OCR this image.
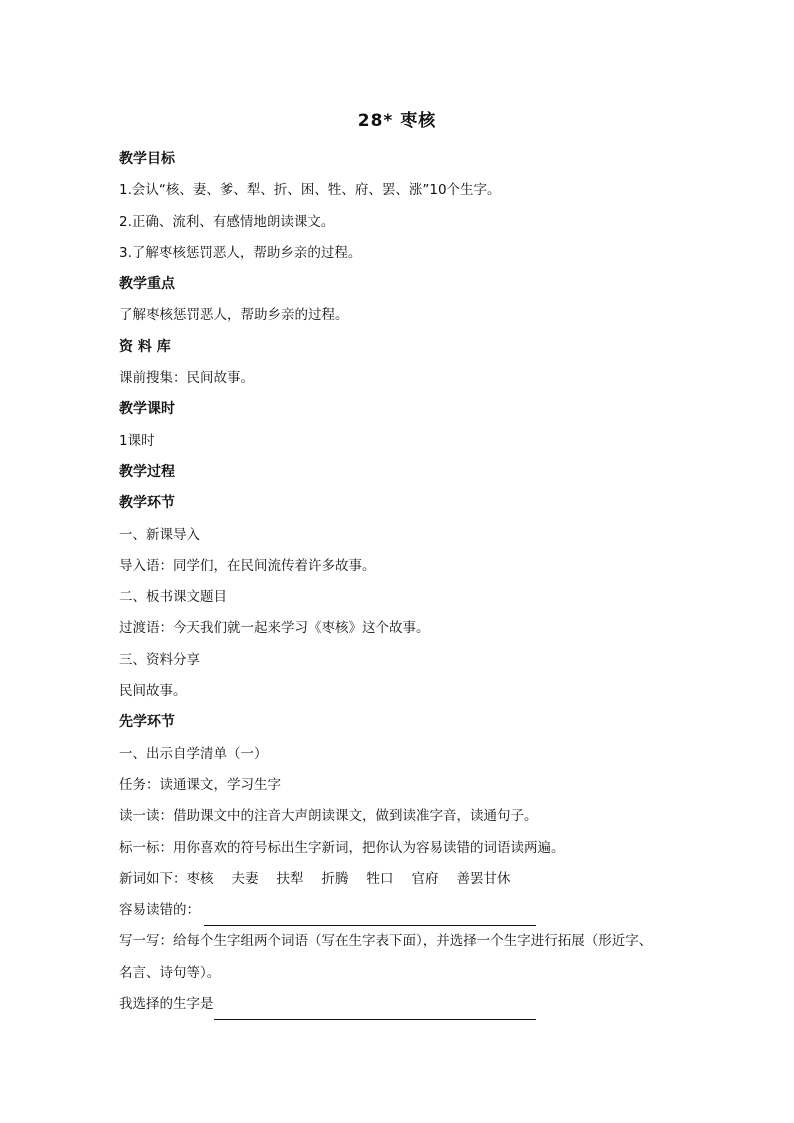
28* 枣核
教学目标
1.会认“核、妻、爹、犁、折、困、牲、府、罢、涨”10个生字。
2.正确、流利、有感情地朗读课文。
3.了解枣核惩罚恶人，帮助乡亲的过程。
教学重点
了解枣核惩罚恶人，帮助乡亲的过程。
资 料 库
课前搜集：民间故事。
教学课时
1课时
教学过程
教学环节
一、新课导入
导入语：同学们，在民间流传着许多故事。
二、板书课文题目
过渡语：今天我们就一起来学习《枣核》这个故事。
三、资料分享
民间故事。
先学环节
一、出示自学清单（一）
任务：读通课文，学习生字
读一读：借助课文中的注音大声朗读课文，做到读准字音，读通句子。
标一标：用你喜欢的符号标出生字新词，把你认为容易读错的词语读两遍。
新词如下：枣核 夫妻 扶犁 折腾 牲口 官府 善罢甘休
容易读错的：
写一写：给每个生字组两个词语（写在生字表下面），并选择一个生字进行拓展（形近字、
名言、诗句等）。
我选择的生字是
